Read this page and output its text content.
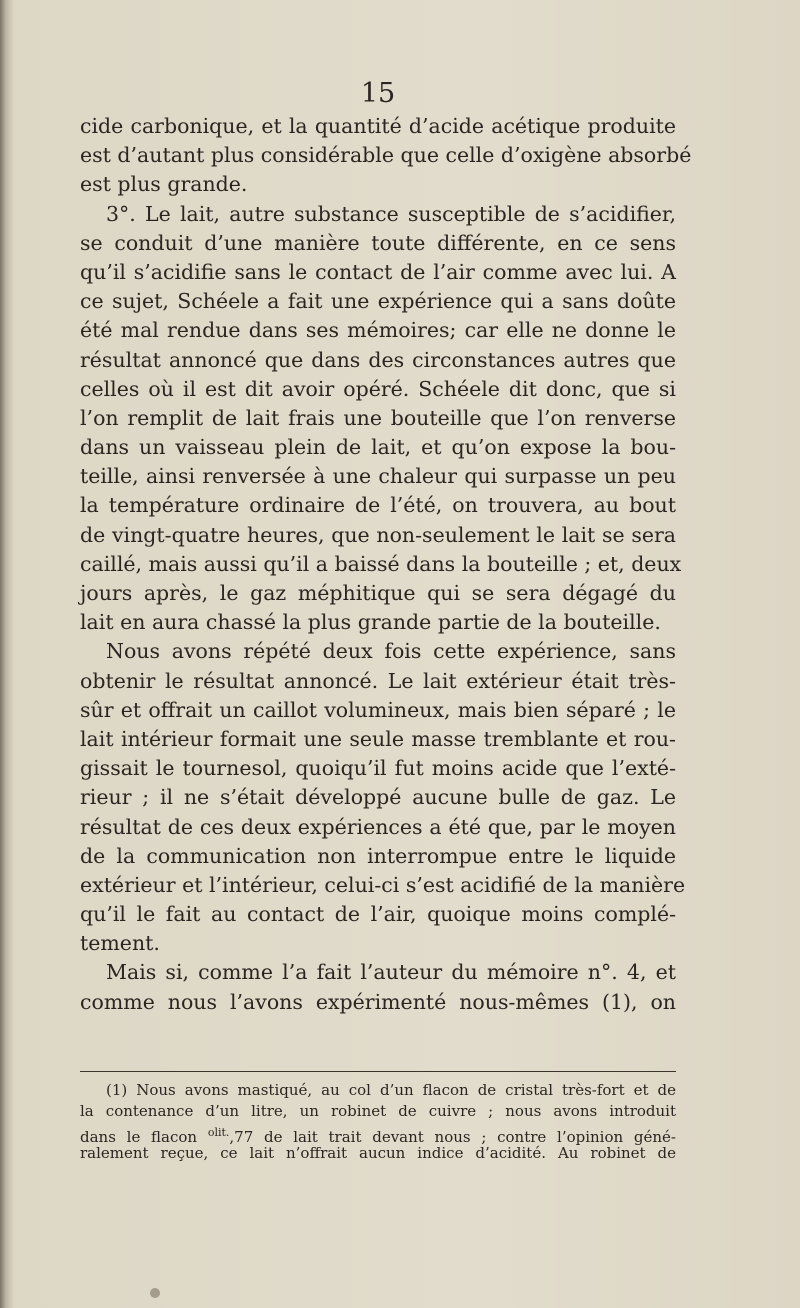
15
cide carbonique, et la quantité d’acide acétique produite
est d’autant plus considérable que celle d’oxigène absorbé
est plus grande.
3°. Le lait, autre substance susceptible de s’acidifier,
se conduit d’une manière toute différente, en ce sens
qu’il s’acidifie sans le contact de l’air comme avec lui. A
ce sujet, Schéele a fait une expérience qui a sans doûte
été mal rendue dans ses mémoires; car elle ne donne le
résultat annoncé que dans des circonstances autres que
celles où il est dit avoir opéré. Schéele dit donc, que si
l’on remplit de lait frais une bouteille que l’on renverse
dans un vaisseau plein de lait, et qu’on expose la bou-
teille, ainsi renversée à une chaleur qui surpasse un peu
la température ordinaire de l’été, on trouvera, au bout
de vingt-quatre heures, que non-seulement le lait se sera
caillé, mais aussi qu’il a baissé dans la bouteille ; et, deux
jours après, le gaz méphitique qui se sera dégagé du
lait en aura chassé la plus grande partie de la bouteille.
Nous avons répété deux fois cette expérience, sans
obtenir le résultat annoncé. Le lait extérieur était très-
sûr et offrait un caillot volumineux, mais bien séparé ; le
lait intérieur formait une seule masse tremblante et rou-
gissait le tournesol, quoiqu’il fut moins acide que l’exté-
rieur ; il ne s’était développé aucune bulle de gaz. Le
résultat de ces deux expériences a été que, par le moyen
de la communication non interrompue entre le liquide
extérieur et l’intérieur, celui-ci s’est acidifié de la manière
qu’il le fait au contact de l’air, quoique moins complé-
tement.
Mais si, comme l’a fait l’auteur du mémoire n°. 4, et
comme nous l’avons expérimenté nous-mêmes (1), on
(1) Nous avons mastiqué, au col d’un flacon de cristal très-fort et de
la contenance d’un litre, un robinet de cuivre ; nous avons introduit
dans le flacon $^{olit.}$,77 de lait trait devant nous ; contre l’opinion géné-
ralement reçue, ce lait n’offrait aucun indice d’acidité. Au robinet de
